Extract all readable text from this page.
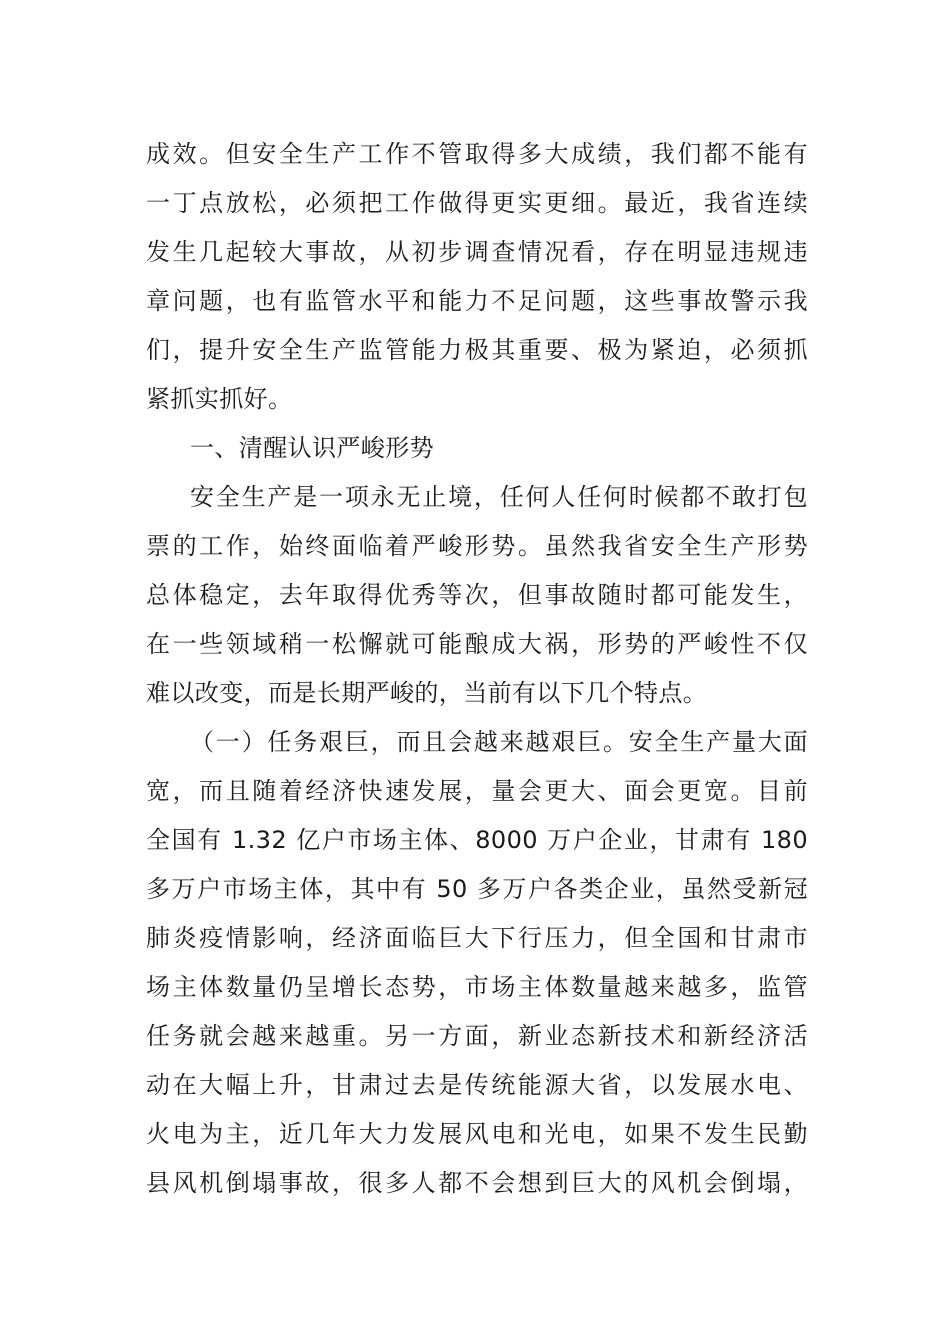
成效。但安全生产工作不管取得多大成绩，我们都不能有
一丁点放松，必须把工作做得更实更细。最近，我省连续
发生几起较大事故，从初步调查情况看，存在明显违规违
章问题，也有监管水平和能力不足问题，这些事故警示我
们，提升安全生产监管能力极其重要、极为紧迫，必须抓
紧抓实抓好。
一、清醒认识严峻形势
安全生产是一项永无止境，任何人任何时候都不敢打包
票的工作，始终面临着严峻形势。虽然我省安全生产形势
总体稳定，去年取得优秀等次，但事故随时都可能发生，
在一些领域稍一松懈就可能酿成大祸，形势的严峻性不仅
难以改变，而是长期严峻的，当前有以下几个特点。
（一）任务艰巨，而且会越来越艰巨。安全生产量大面
宽，而且随着经济快速发展，量会更大、面会更宽。目前
全国有 1.32 亿户市场主体、8000 万户企业，甘肃有 180
多万户市场主体，其中有 50 多万户各类企业，虽然受新冠
肺炎疫情影响，经济面临巨大下行压力，但全国和甘肃市
场主体数量仍呈增长态势，市场主体数量越来越多，监管
任务就会越来越重。另一方面，新业态新技术和新经济活
动在大幅上升，甘肃过去是传统能源大省，以发展水电、
火电为主，近几年大力发展风电和光电，如果不发生民勤
县风机倒塌事故，很多人都不会想到巨大的风机会倒塌，
